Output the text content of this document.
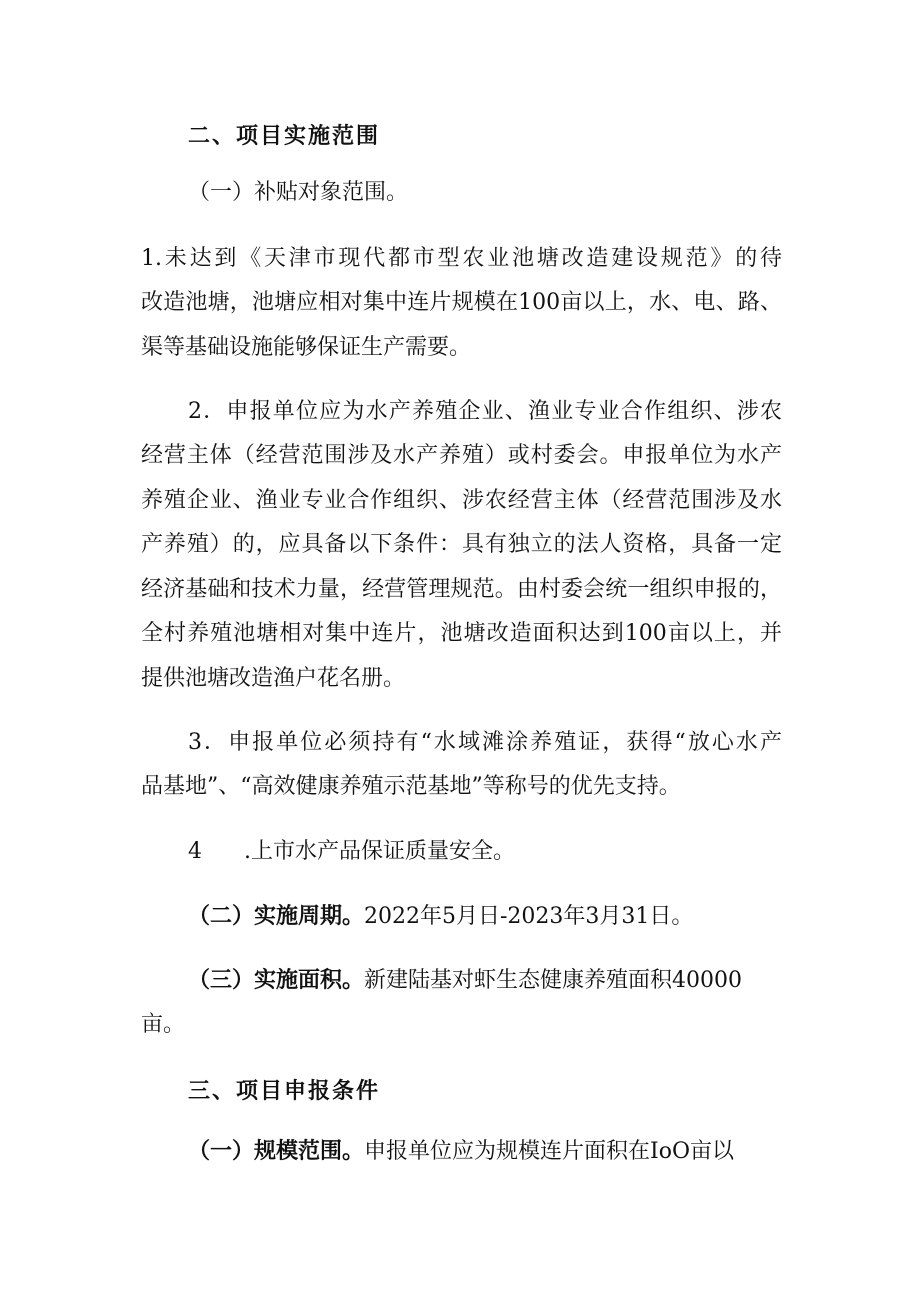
二、项目实施范围
（一）补贴对象范围。
1.未达到《天津市现代都市型农业池塘改造建设规范》的待
改造池塘，池塘应相对集中连片规模在100亩以上，水、电、路、
渠等基础设施能够保证生产需要。
2．申报单位应为水产养殖企业、渔业专业合作组织、涉农
经营主体（经营范围涉及水产养殖）或村委会。申报单位为水产
养殖企业、渔业专业合作组织、涉农经营主体（经营范围涉及水
产养殖）的，应具备以下条件：具有独立的法人资格，具备一定
经济基础和技术力量，经营管理规范。由村委会统一组织申报的，
全村养殖池塘相对集中连片，池塘改造面积达到100亩以上，并
提供池塘改造渔户花名册。
3．申报单位必须持有“水域滩涂养殖证，获得“放心水产
品基地”、“高效健康养殖示范基地”等称号的优先支持。
4 .上市水产品保证质量安全。
（二）实施周期。2022年5月日-2023年3月31日。
（三）实施面积。新建陆基对虾生态健康养殖面积40000
亩。
三、项目申报条件
（一）规模范围。申报单位应为规模连片面积在IoO亩以
